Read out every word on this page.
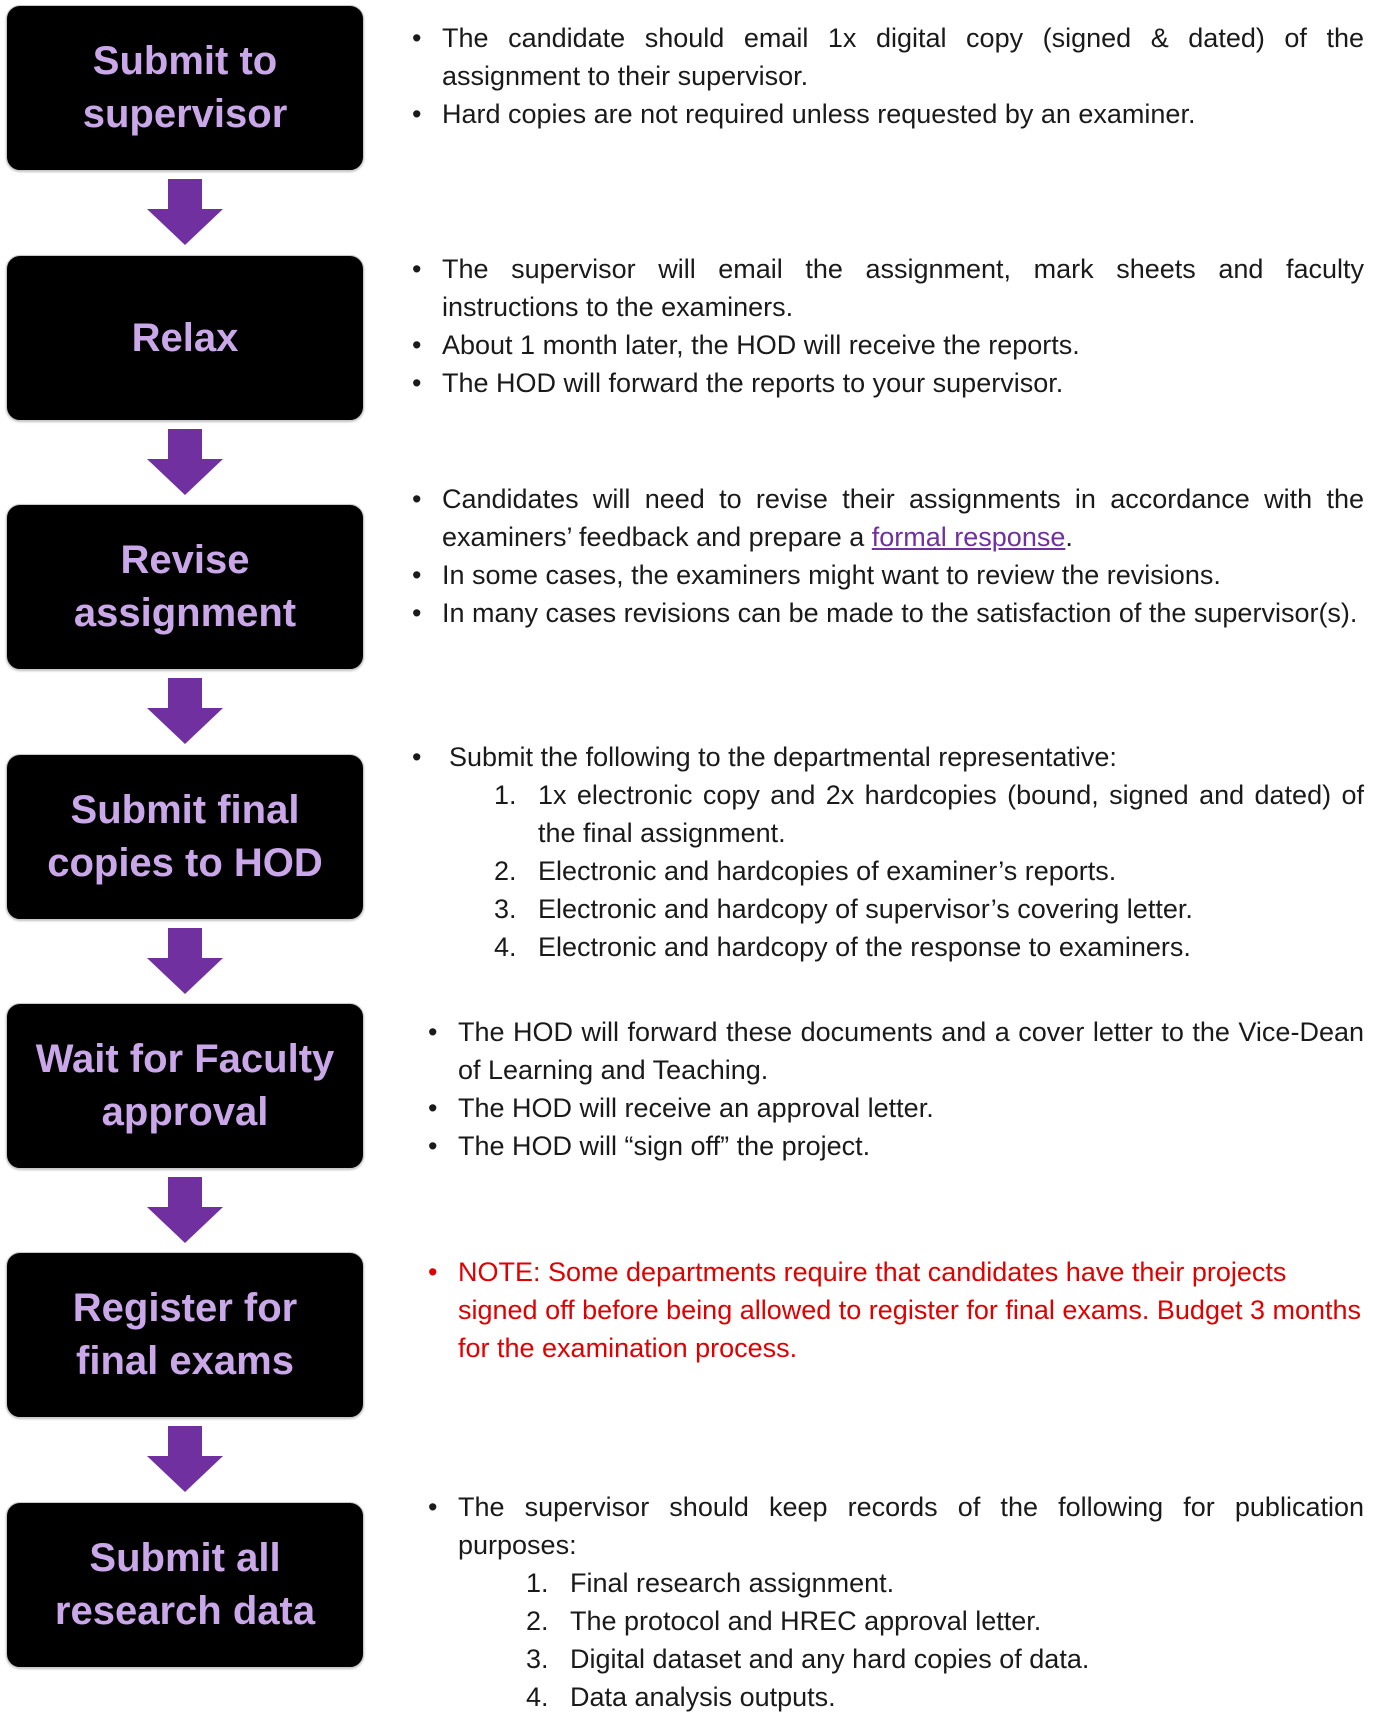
Submit to supervisor

Relax

Revise assignment

Submit final copies to HOD

Wait for Faculty approval

Register for final exams

Submit all research data

• The candidate should email 1x digital copy (signed & dated) of the assignment to their supervisor.
• Hard copies are not required unless requested by an examiner.
• The supervisor will email the assignment, mark sheets and faculty instructions to the examiners.
• About 1 month later, the HOD will receive the reports.
• The HOD will forward the reports to your supervisor.
• Candidates will need to revise their assignments in accordance with the examiners’ feedback and prepare a formal response.
• In some cases, the examiners might want to review the revisions.
• In many cases revisions can be made to the satisfaction of the supervisor(s).
• Submit the following to the departmental representative:
1. 1x electronic copy and 2x hardcopies (bound, signed and dated) of the final assignment.
2. Electronic and hardcopies of examiner’s reports.
3. Electronic and hardcopy of supervisor’s covering letter.
4. Electronic and hardcopy of the response to examiners.
• The HOD will forward these documents and a cover letter to the Vice-Dean of Learning and Teaching.
• The HOD will receive an approval letter.
• The HOD will “sign off” the project.
• NOTE: Some departments require that candidates have their projects signed off before being allowed to register for final exams. Budget 3 months for the examination process.
• The supervisor should keep records of the following for publication purposes:
1. Final research assignment.
2. The protocol and HREC approval letter.
3. Digital dataset and any hard copies of data.
4. Data analysis outputs.
